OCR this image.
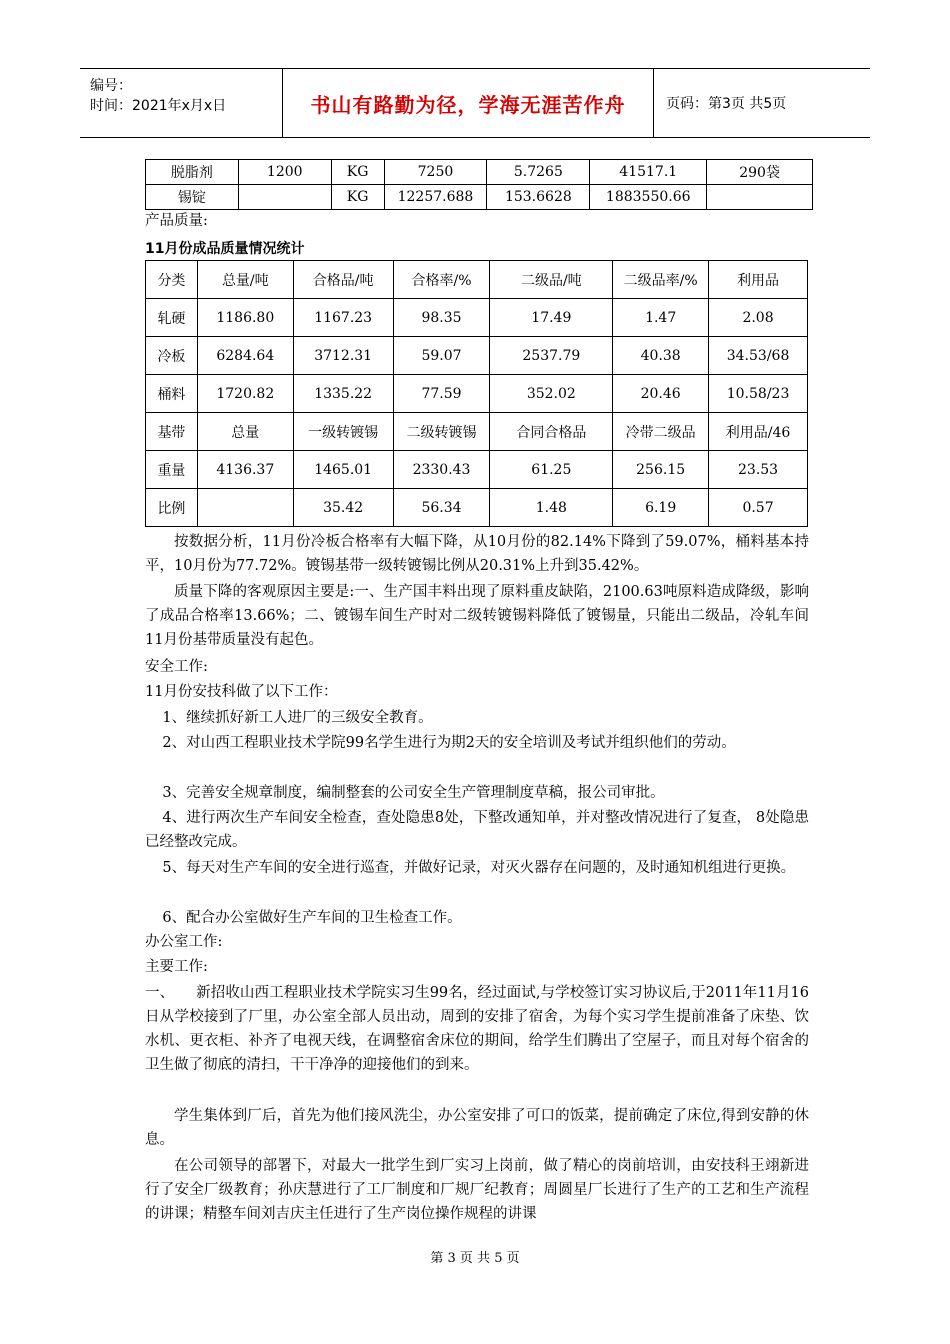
编号：
时间：2021年x月x日	书山有路勤为径，学海无涯苦作舟	页码：第3页 共5页
脱脂剂	1200	KG	7250	5.7265	41517.1	290袋
锡锭		KG	12257.688	153.6628	1883550.66	
产品质量:
11月份成品质量情况统计
分类	总量/吨	合格品/吨	合格率/%	二级品/吨	二级品率/%	利用品
轧硬	1186.80	1167.23	98.35	17.49	1.47	2.08
冷板	6284.64	3712.31	59.07	2537.79	40.38	34.53/68
桶料	1720.82	1335.22	77.59	352.02	20.46	10.58/23
基带	总量	一级转镀锡	二级转镀锡	合同合格品	冷带二级品	利用品/46
重量	4136.37	1465.01	2330.43	61.25	256.15	23.53
比例		35.42	56.34	1.48	6.19	0.57
按数据分析，11月份冷板合格率有大幅下降，从10月份的82.14%下降到了59.07%，桶料基本持平，10月份为77.72%。镀锡基带一级转镀锡比例从20.31%上升到35.42%。
质量下降的客观原因主要是:一、生产国丰料出现了原料重皮缺陷，2100.63吨原料造成降级，影响了成品合格率13.66%；二、镀锡车间生产时对二级转镀锡料降低了镀锡量，只能出二级品，冷轧车间11月份基带质量没有起色。
安全工作:
11月份安技科做了以下工作：
1、继续抓好新工人进厂的三级安全教育。
2、对山西工程职业技术学院99名学生进行为期2天的安全培训及考试并组织他们的劳动。
3、完善安全规章制度，编制整套的公司安全生产管理制度草稿，报公司审批。
4、进行两次生产车间安全检查，查处隐患8处，下整改通知单，并对整改情况进行了复查， 8处隐患已经整改完成。
5、每天对生产车间的安全进行巡查，并做好记录，对灭火器存在问题的，及时通知机组进行更换。
6、配合办公室做好生产车间的卫生检查工作。
办公室工作:
主要工作:
一、　　新招收山西工程职业技术学院实习生99名，经过面试,与学校签订实习协议后,于2011年11月16日从学校接到了厂里，办公室全部人员出动，周到的安排了宿舍，为每个实习学生提前准备了床垫、饮水机、更衣柜、补齐了电视天线，在调整宿舍床位的期间，给学生们腾出了空屋子，而且对每个宿舍的卫生做了彻底的清扫，干干净净的迎接他们的到来。
学生集体到厂后，首先为他们接风洗尘，办公室安排了可口的饭菜，提前确定了床位,得到安静的休息。
在公司领导的部署下，对最大一批学生到厂实习上岗前，做了精心的岗前培训，由安技科王翊新进行了安全厂级教育；孙庆慧进行了工厂制度和厂规厂纪教育；周圆星厂长进行了生产的工艺和生产流程的讲课；精整车间刘吉庆主任进行了生产岗位操作规程的讲课
第 3 页 共 5 页
